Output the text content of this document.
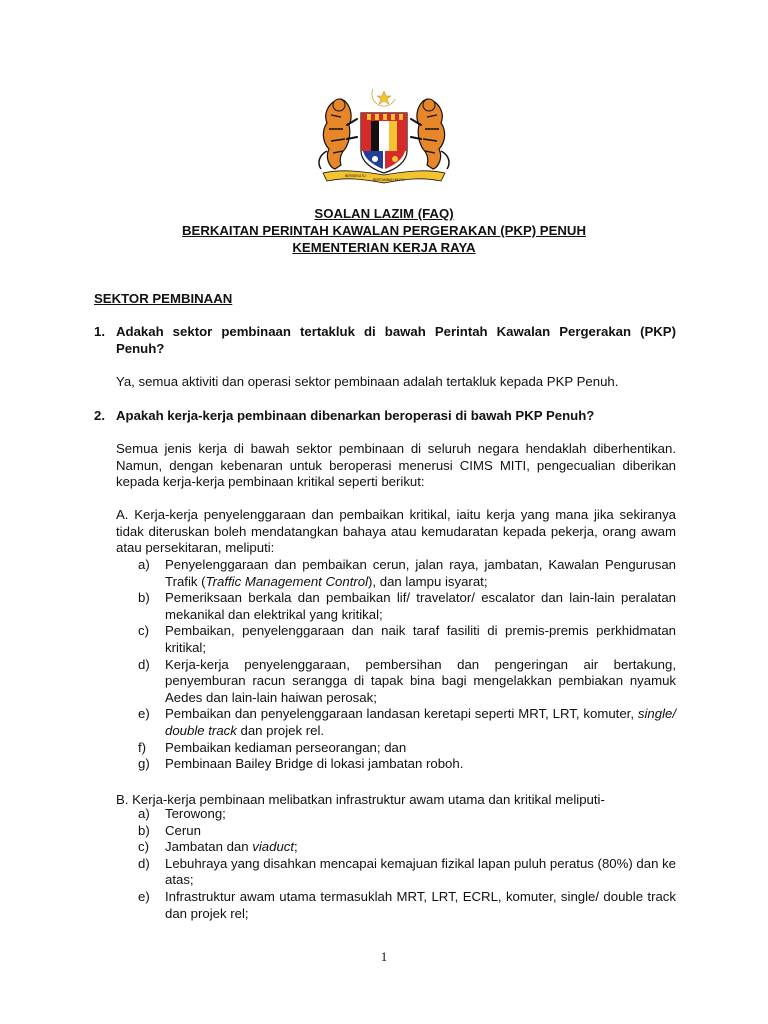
BERSEKUTU
BERTAMBAH MUTU
SOALAN LAZIM (FAQ)
BERKAITAN PERINTAH KAWALAN PERGERAKAN (PKP) PENUH
KEMENTERIAN KERJA RAYA
SEKTOR PEMBINAAN
1. Adakah sektor pembinaan tertakluk di bawah Perintah Kawalan Pergerakan (PKP) Penuh?
Ya, semua aktiviti dan operasi sektor pembinaan adalah tertakluk kepada PKP Penuh.
2. Apakah kerja-kerja pembinaan dibenarkan beroperasi di bawah PKP Penuh?
Semua jenis kerja di bawah sektor pembinaan di seluruh negara hendaklah diberhentikan. Namun, dengan kebenaran untuk beroperasi menerusi CIMS MITI, pengecualian diberikan kepada kerja-kerja pembinaan kritikal seperti berikut:
A. Kerja-kerja penyelenggaraan dan pembaikan kritikal, iaitu kerja yang mana jika sekiranya tidak diteruskan boleh mendatangkan bahaya atau kemudaratan kepada pekerja, orang awam atau persekitaran, meliputi:
a) Penyelenggaraan dan pembaikan cerun, jalan raya, jambatan, Kawalan Pengurusan Trafik (Traffic Management Control), dan lampu isyarat;
b) Pemeriksaan berkala dan pembaikan lif/ travelator/ escalator dan lain-lain peralatan mekanikal dan elektrikal yang kritikal;
c) Pembaikan, penyelenggaraan dan naik taraf fasiliti di premis-premis perkhidmatan kritikal;
d) Kerja-kerja penyelenggaraan, pembersihan dan pengeringan air bertakung, penyemburan racun serangga di tapak bina bagi mengelakkan pembiakan nyamuk Aedes dan lain-lain haiwan perosak;
e) Pembaikan dan penyelenggaraan landasan keretapi seperti MRT, LRT, komuter, single/ double track dan projek rel.
f) Pembaikan kediaman perseorangan; dan
g) Pembinaan Bailey Bridge di lokasi jambatan roboh.
B. Kerja-kerja pembinaan melibatkan infrastruktur awam utama dan kritikal meliputi-
a) Terowong;
b) Cerun
c) Jambatan dan viaduct;
d) Lebuhraya yang disahkan mencapai kemajuan fizikal lapan puluh peratus (80%) dan ke atas;
e) Infrastruktur awam utama termasuklah MRT, LRT, ECRL, komuter, single/ double track dan projek rel;
1
